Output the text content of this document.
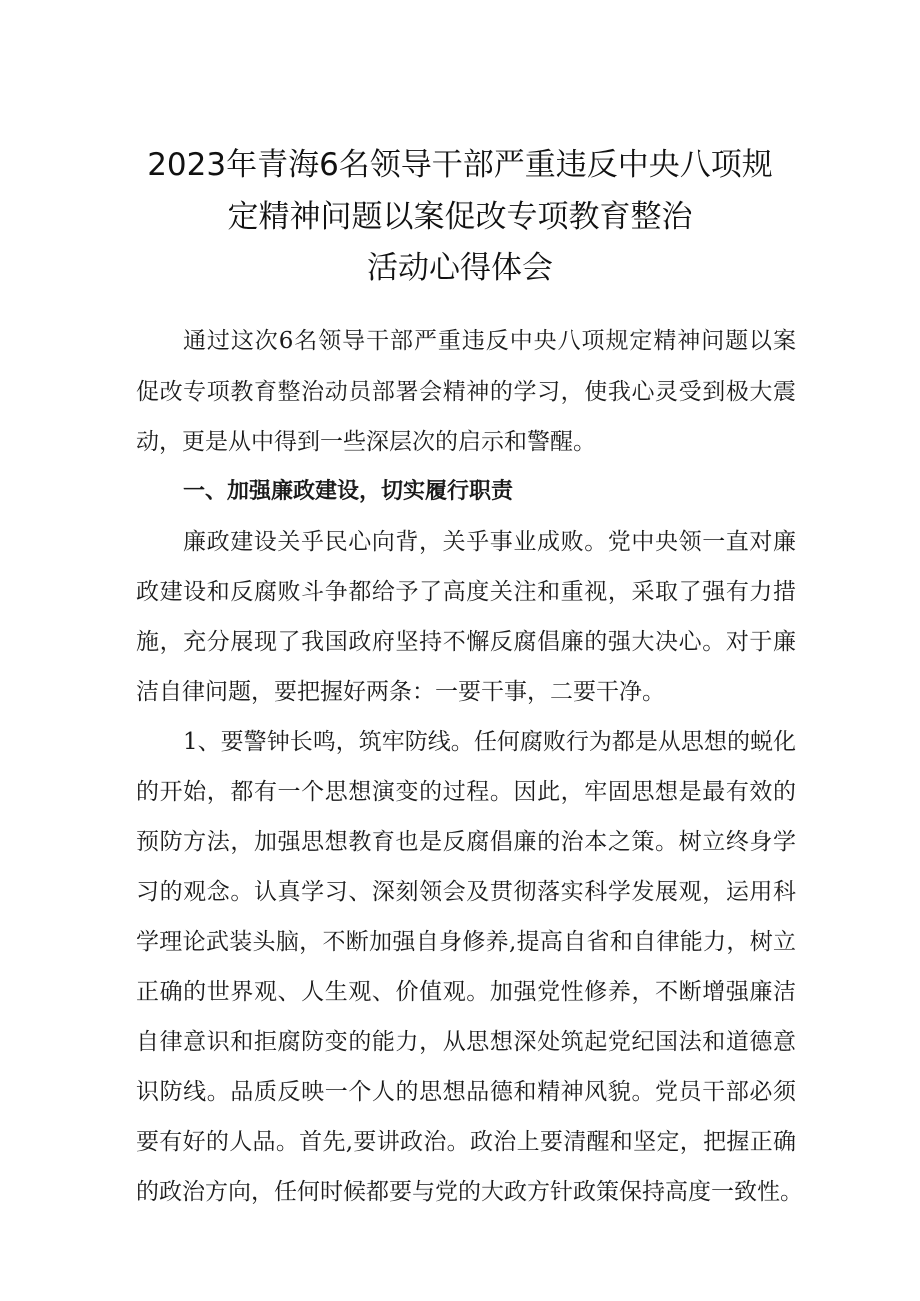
2023年青海6名领导干部严重违反中央八项规
定精神问题以案促改专项教育整治
活动心得体会
通过这次6名领导干部严重违反中央八项规定精神问题以案
促改专项教育整治动员部署会精神的学习，使我心灵受到极大震
动，更是从中得到一些深层次的启示和警醒。
一、加强廉政建设，切实履行职责
廉政建设关乎民心向背，关乎事业成败。党中央领一直对廉
政建设和反腐败斗争都给予了高度关注和重视，采取了强有力措
施，充分展现了我国政府坚持不懈反腐倡廉的强大决心。对于廉
洁自律问题，要把握好两条：一要干事，二要干净。
1、要警钟长鸣，筑牢防线。任何腐败行为都是从思想的蜕化
的开始，都有一个思想演变的过程。因此，牢固思想是最有效的
预防方法，加强思想教育也是反腐倡廉的治本之策。树立终身学
习的观念。认真学习、深刻领会及贯彻落实科学发展观，运用科
学理论武装头脑，不断加强自身修养,提高自省和自律能力，树立
正确的世界观、人生观、价值观。加强党性修养，不断增强廉洁
自律意识和拒腐防变的能力，从思想深处筑起党纪国法和道德意
识防线。品质反映一个人的思想品德和精神风貌。党员干部必须
要有好的人品。首先,要讲政治。政治上要清醒和坚定，把握正确
的政治方向，任何时候都要与党的大政方针政策保持高度一致性。
